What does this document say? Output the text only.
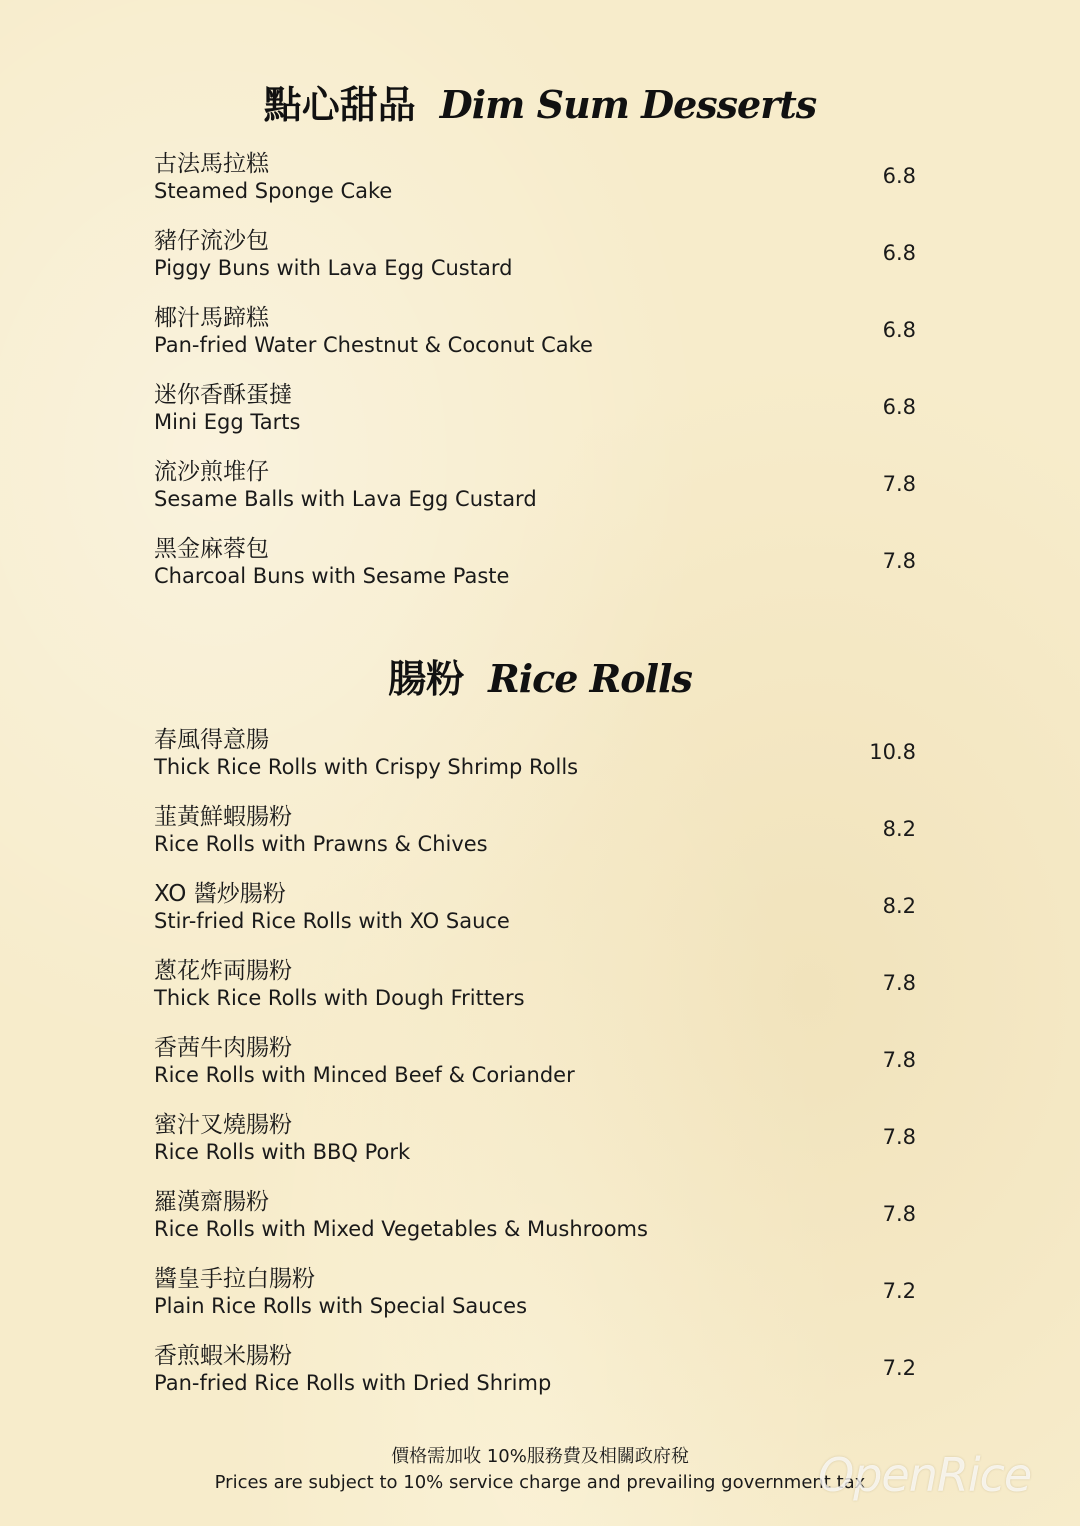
點心甜品 Dim Sum Desserts
古法馬拉糕
Steamed Sponge Cake
6.8
豬仔流沙包
Piggy Buns with Lava Egg Custard
6.8
椰汁馬蹄糕
Pan-fried Water Chestnut & Coconut Cake
6.8
迷你香酥蛋撻
Mini Egg Tarts
6.8
流沙煎堆仔
Sesame Balls with Lava Egg Custard
7.8
黑金麻蓉包
Charcoal Buns with Sesame Paste
7.8
腸粉 Rice Rolls
春風得意腸
Thick Rice Rolls with Crispy Shrimp Rolls
10.8
韮黃鮮蝦腸粉
Rice Rolls with Prawns & Chives
8.2
XO 醬炒腸粉
Stir-fried Rice Rolls with XO Sauce
8.2
蔥花炸両腸粉
Thick Rice Rolls with Dough Fritters
7.8
香茜牛肉腸粉
Rice Rolls with Minced Beef & Coriander
7.8
蜜汁叉燒腸粉
Rice Rolls with BBQ Pork
7.8
羅漢齋腸粉
Rice Rolls with Mixed Vegetables & Mushrooms
7.8
醬皇手拉白腸粉
Plain Rice Rolls with Special Sauces
7.2
香煎蝦米腸粉
Pan-fried Rice Rolls with Dried Shrimp
7.2
價格需加收 10%服務費及相關政府稅
Prices are subject to 10% service charge and prevailing government tax
OpenRice
